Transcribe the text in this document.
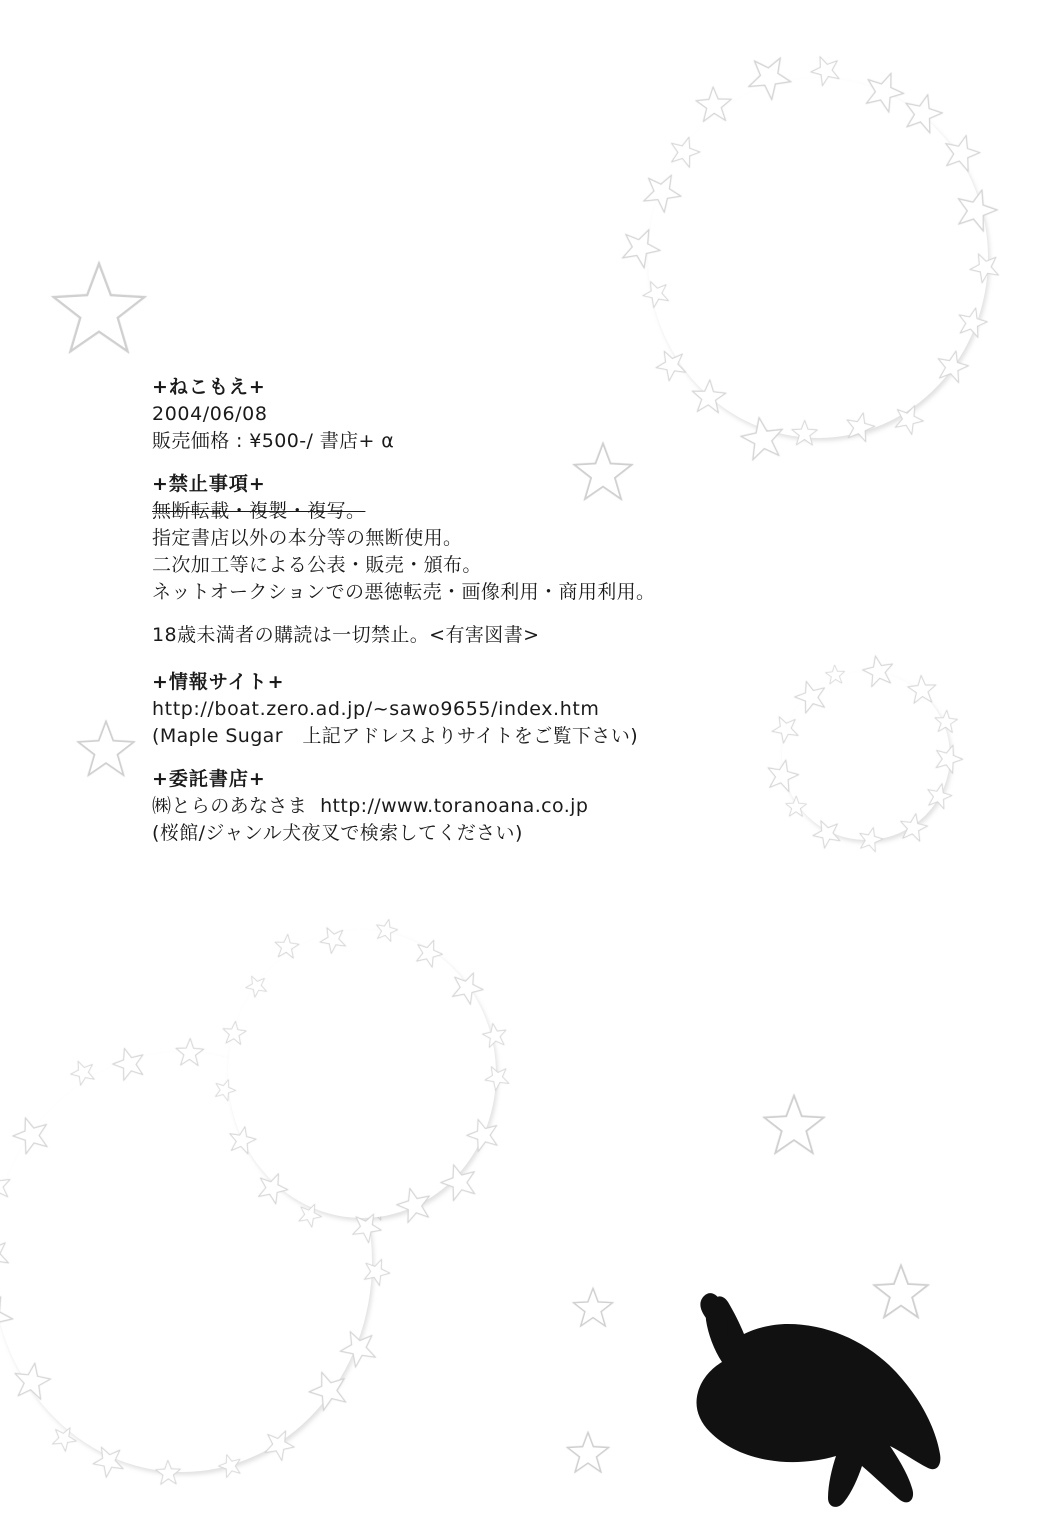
+ねこもえ+
2004/06/08
販売価格 : ¥500-/ 書店+ α
+禁止事項+
無断転載・複製・複写。
指定書店以外の本分等の無断使用。
二次加工等による公表・販売・頒布。
ネットオークションでの悪徳転売・画像利用・商用利用。
18歳未満者の購読は一切禁止。<有害図書>
+情報サイト+
http://boat.zero.ad.jp/~sawo9655/index.htm
(Maple Sugar　上記アドレスよりサイトをご覧下さい)
+委託書店+
㈱とらのあなさま  http://www.toranoana.co.jp
(桜館/ジャンル犬夜叉で検索してください)
